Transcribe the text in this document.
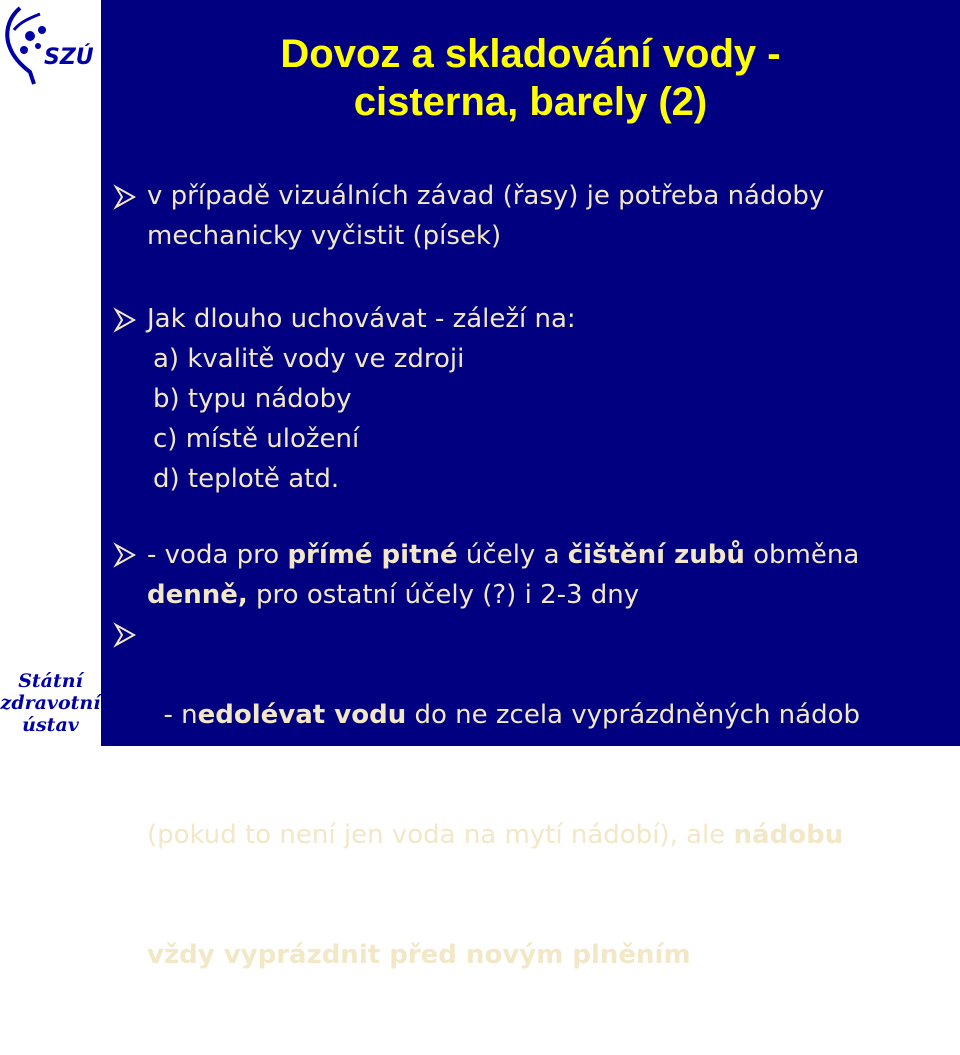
SZÚ
Státní
zdravotní
ústav
Dovoz a skladování vody -
cisterna, barely (2)
v případě vizuálních závad (řasy) je potřeba nádoby
mechanicky vyčistit (písek)
Jak dlouho uchovávat - záleží na:
a) kvalitě vody ve zdroji
b) typu nádoby
c) místě uložení
d) teplotě atd.
- voda pro přímé pitné účely a čištění zubů obměna
denně, pro ostatní účely (?) i 2-3 dny

- nedolévat vodu do ne zcela vyprázdněných nádob

(pokud to není jen voda na mytí nádobí), ale nádobu

vždy vyprázdnit před novým plněním
